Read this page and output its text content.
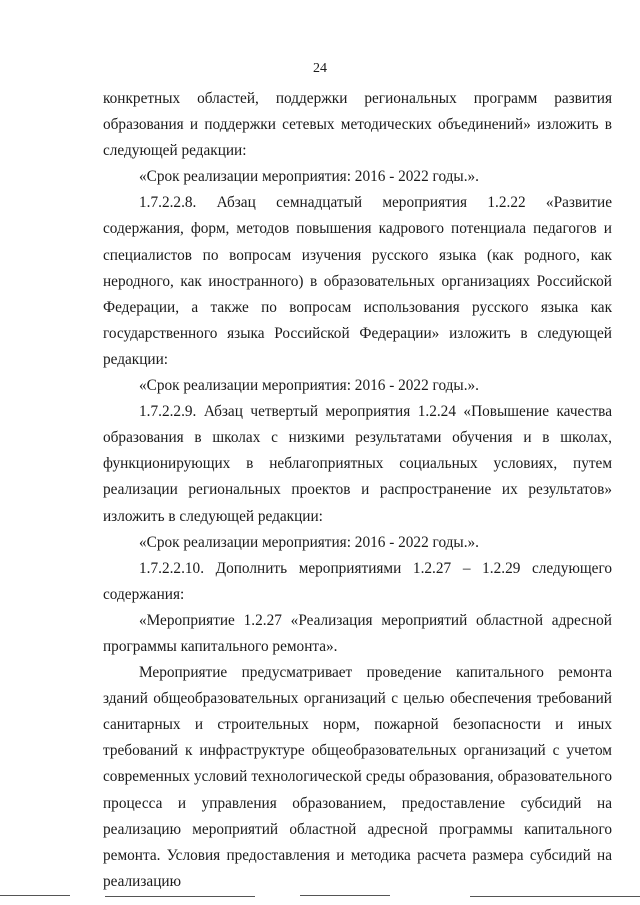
24

конкретных областей, поддержки региональных программ развития образования и поддержки сетевых методических объединений» изложить в следующей редакции:

«Срок реализации мероприятия: 2016 - 2022 годы.».

1.7.2.2.8. Абзац семнадцатый мероприятия 1.2.22 «Развитие содержания, форм, методов повышения кадрового потенциала педагогов и специалистов по вопросам изучения русского языка (как родного, как неродного, как иностранного) в образовательных организациях Российской Федерации, а также по вопросам использования русского языка как государственного языка Российской Федерации» изложить в следующей редакции:

«Срок реализации мероприятия: 2016 - 2022 годы.».

1.7.2.2.9. Абзац четвертый мероприятия 1.2.24 «Повышение качества образования в школах с низкими результатами обучения и в школах, функционирующих в неблагоприятных социальных условиях, путем реализации региональных проектов и распространение их результатов» изложить в следующей редакции:

«Срок реализации мероприятия: 2016 - 2022 годы.».

1.7.2.2.10. Дополнить мероприятиями 1.2.27 – 1.2.29 следующего содержания:

«Мероприятие 1.2.27 «Реализация мероприятий областной адресной программы капитального ремонта».

Мероприятие предусматривает проведение капитального ремонта зданий общеобразовательных организаций с целью обеспечения требований санитарных и строительных норм, пожарной безопасности и иных требований к инфраструктуре общеобразовательных организаций с учетом современных условий технологической среды образования, образовательного процесса и управления образованием, предоставление субсидий на реализацию мероприятий областной адресной программы капитального ремонта. Условия предоставления и методика расчета размера субсидий на реализацию
